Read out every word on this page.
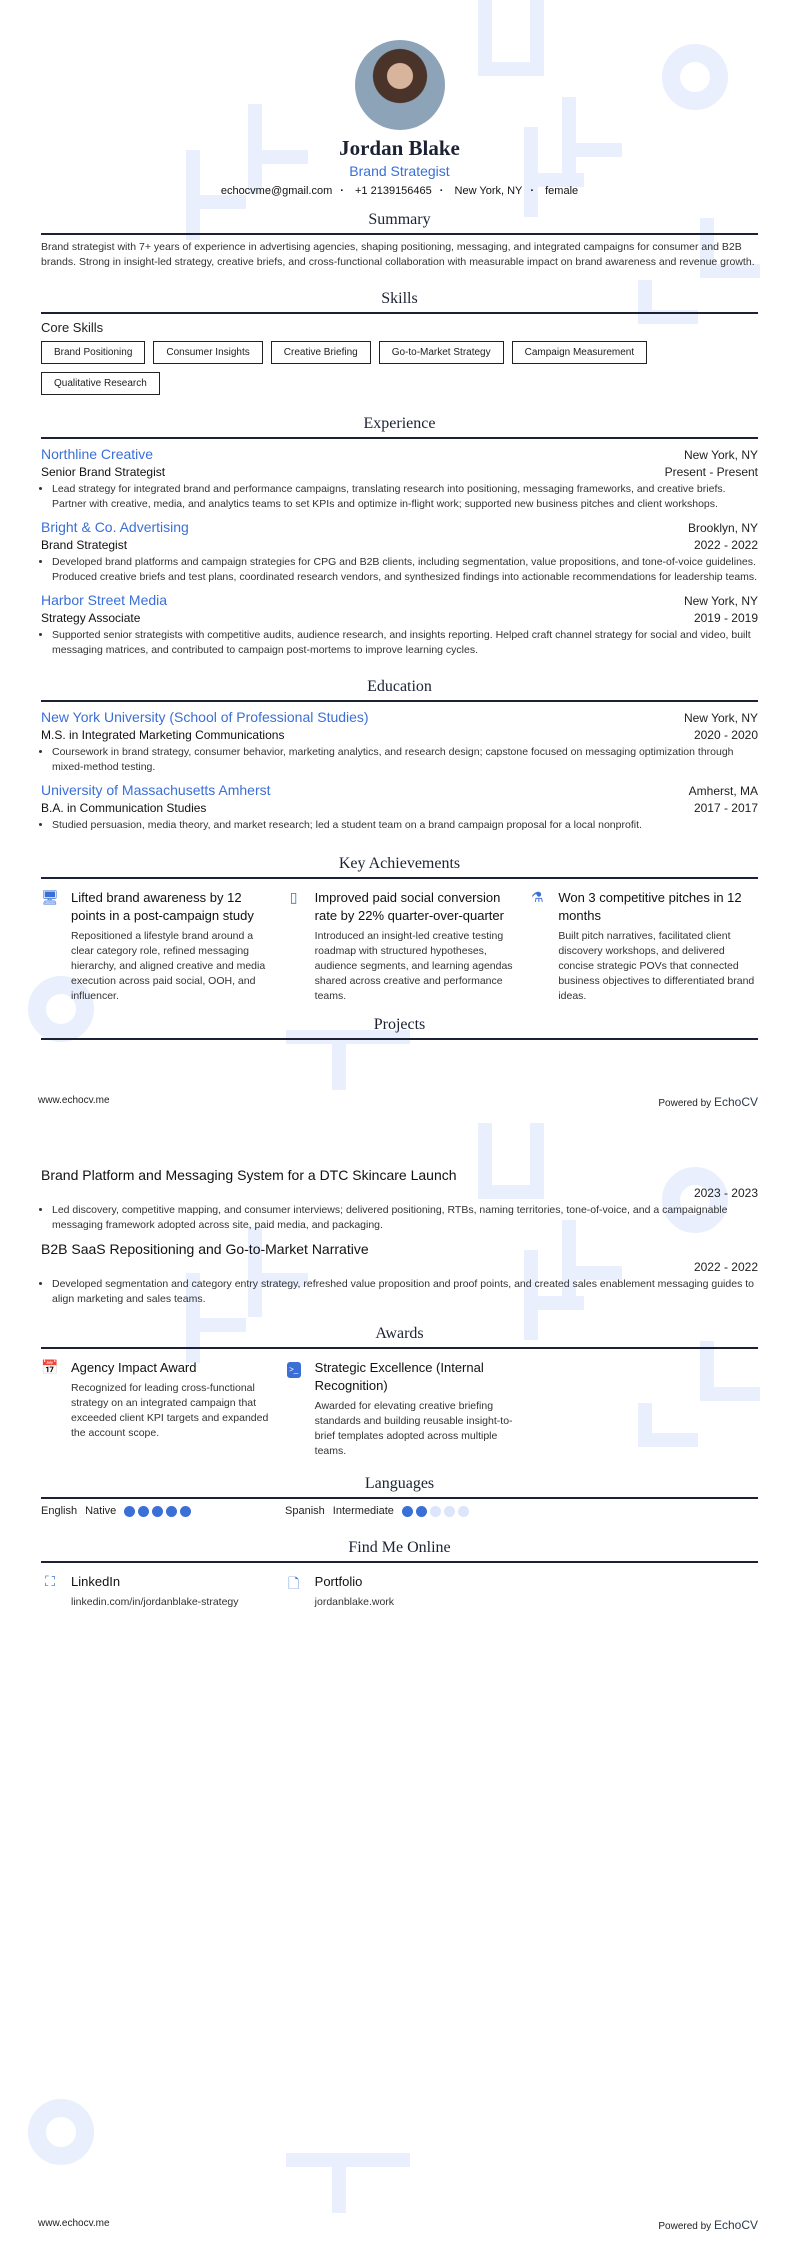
Jordan Blake
Brand Strategist
echocvme@gmail.com · +1 2139156465 · New York, NY · female
Summary
Brand strategist with 7+ years of experience in advertising agencies, shaping positioning, messaging, and integrated campaigns for consumer and B2B brands. Strong in insight-led strategy, creative briefs, and cross-functional collaboration with measurable impact on brand awareness and revenue growth.
Skills
Core Skills
Brand Positioning	Consumer Insights	Creative Briefing	Go-to-Market Strategy	Campaign Measurement
Qualitative Research
Experience
Northline Creative	New York, NY
Senior Brand Strategist	Present - Present
• Lead strategy for integrated brand and performance campaigns, translating research into positioning, messaging frameworks, and creative briefs. Partner with creative, media, and analytics teams to set KPIs and optimize in-flight work; supported new business pitches and client workshops.
Bright & Co. Advertising	Brooklyn, NY
Brand Strategist	2022 - 2022
• Developed brand platforms and campaign strategies for CPG and B2B clients, including segmentation, value propositions, and tone-of-voice guidelines. Produced creative briefs and test plans, coordinated research vendors, and synthesized findings into actionable recommendations for leadership teams.
Harbor Street Media	New York, NY
Strategy Associate	2019 - 2019
• Supported senior strategists with competitive audits, audience research, and insights reporting. Helped craft channel strategy for social and video, built messaging matrices, and contributed to campaign post-mortems to improve learning cycles.
Education
New York University (School of Professional Studies)	New York, NY
M.S. in Integrated Marketing Communications	2020 - 2020
• Coursework in brand strategy, consumer behavior, marketing analytics, and research design; capstone focused on messaging optimization through mixed-method testing.
University of Massachusetts Amherst	Amherst, MA
B.A. in Communication Studies	2017 - 2017
• Studied persuasion, media theory, and market research; led a student team on a brand campaign proposal for a local nonprofit.
Key Achievements
🖥 Lifted brand awareness by 12 points in a post-campaign study
Repositioned a lifestyle brand around a clear category role, refined messaging hierarchy, and aligned creative and media execution across paid social, OOH, and influencer.
▯	Improved paid social conversion rate by 22% quarter-over-quarter
Introduced an insight-led creative testing roadmap with structured hypotheses, audience segments, and learning agendas shared across creative and performance teams.
⚗ Won 3 competitive pitches in 12 months
Built pitch narratives, facilitated client discovery workshops, and delivered concise strategic POVs that connected business objectives to differentiated brand ideas.
Projects
www.echocv.me	Powered by EchoCV
Brand Platform and Messaging System for a DTC Skincare Launch
2023 - 2023
• Led discovery, competitive mapping, and consumer interviews; delivered positioning, RTBs, naming territories, tone-of-voice, and a campaignable messaging framework adopted across site, paid media, and packaging.
B2B SaaS Repositioning and Go-to-Market Narrative
2022 - 2022
• Developed segmentation and category entry strategy, refreshed value proposition and proof points, and created sales enablement messaging guides to align marketing and sales teams.
Awards
📅 Agency Impact Award
Recognized for leading cross-functional strategy on an integrated campaign that exceeded client KPI targets and expanded the account scope.
>_	Strategic Excellence (Internal Recognition)
Awarded for elevating creative briefing standards and building reusable insight-to-brief templates adopted across multiple teams.
Languages
English Native	Spanish Intermediate
Find Me Online
⛶	LinkedIn
linkedin.com/in/jordanblake-strategy
🗋 Portfolio
jordanblake.work
www.echocv.me	Powered by EchoCV
